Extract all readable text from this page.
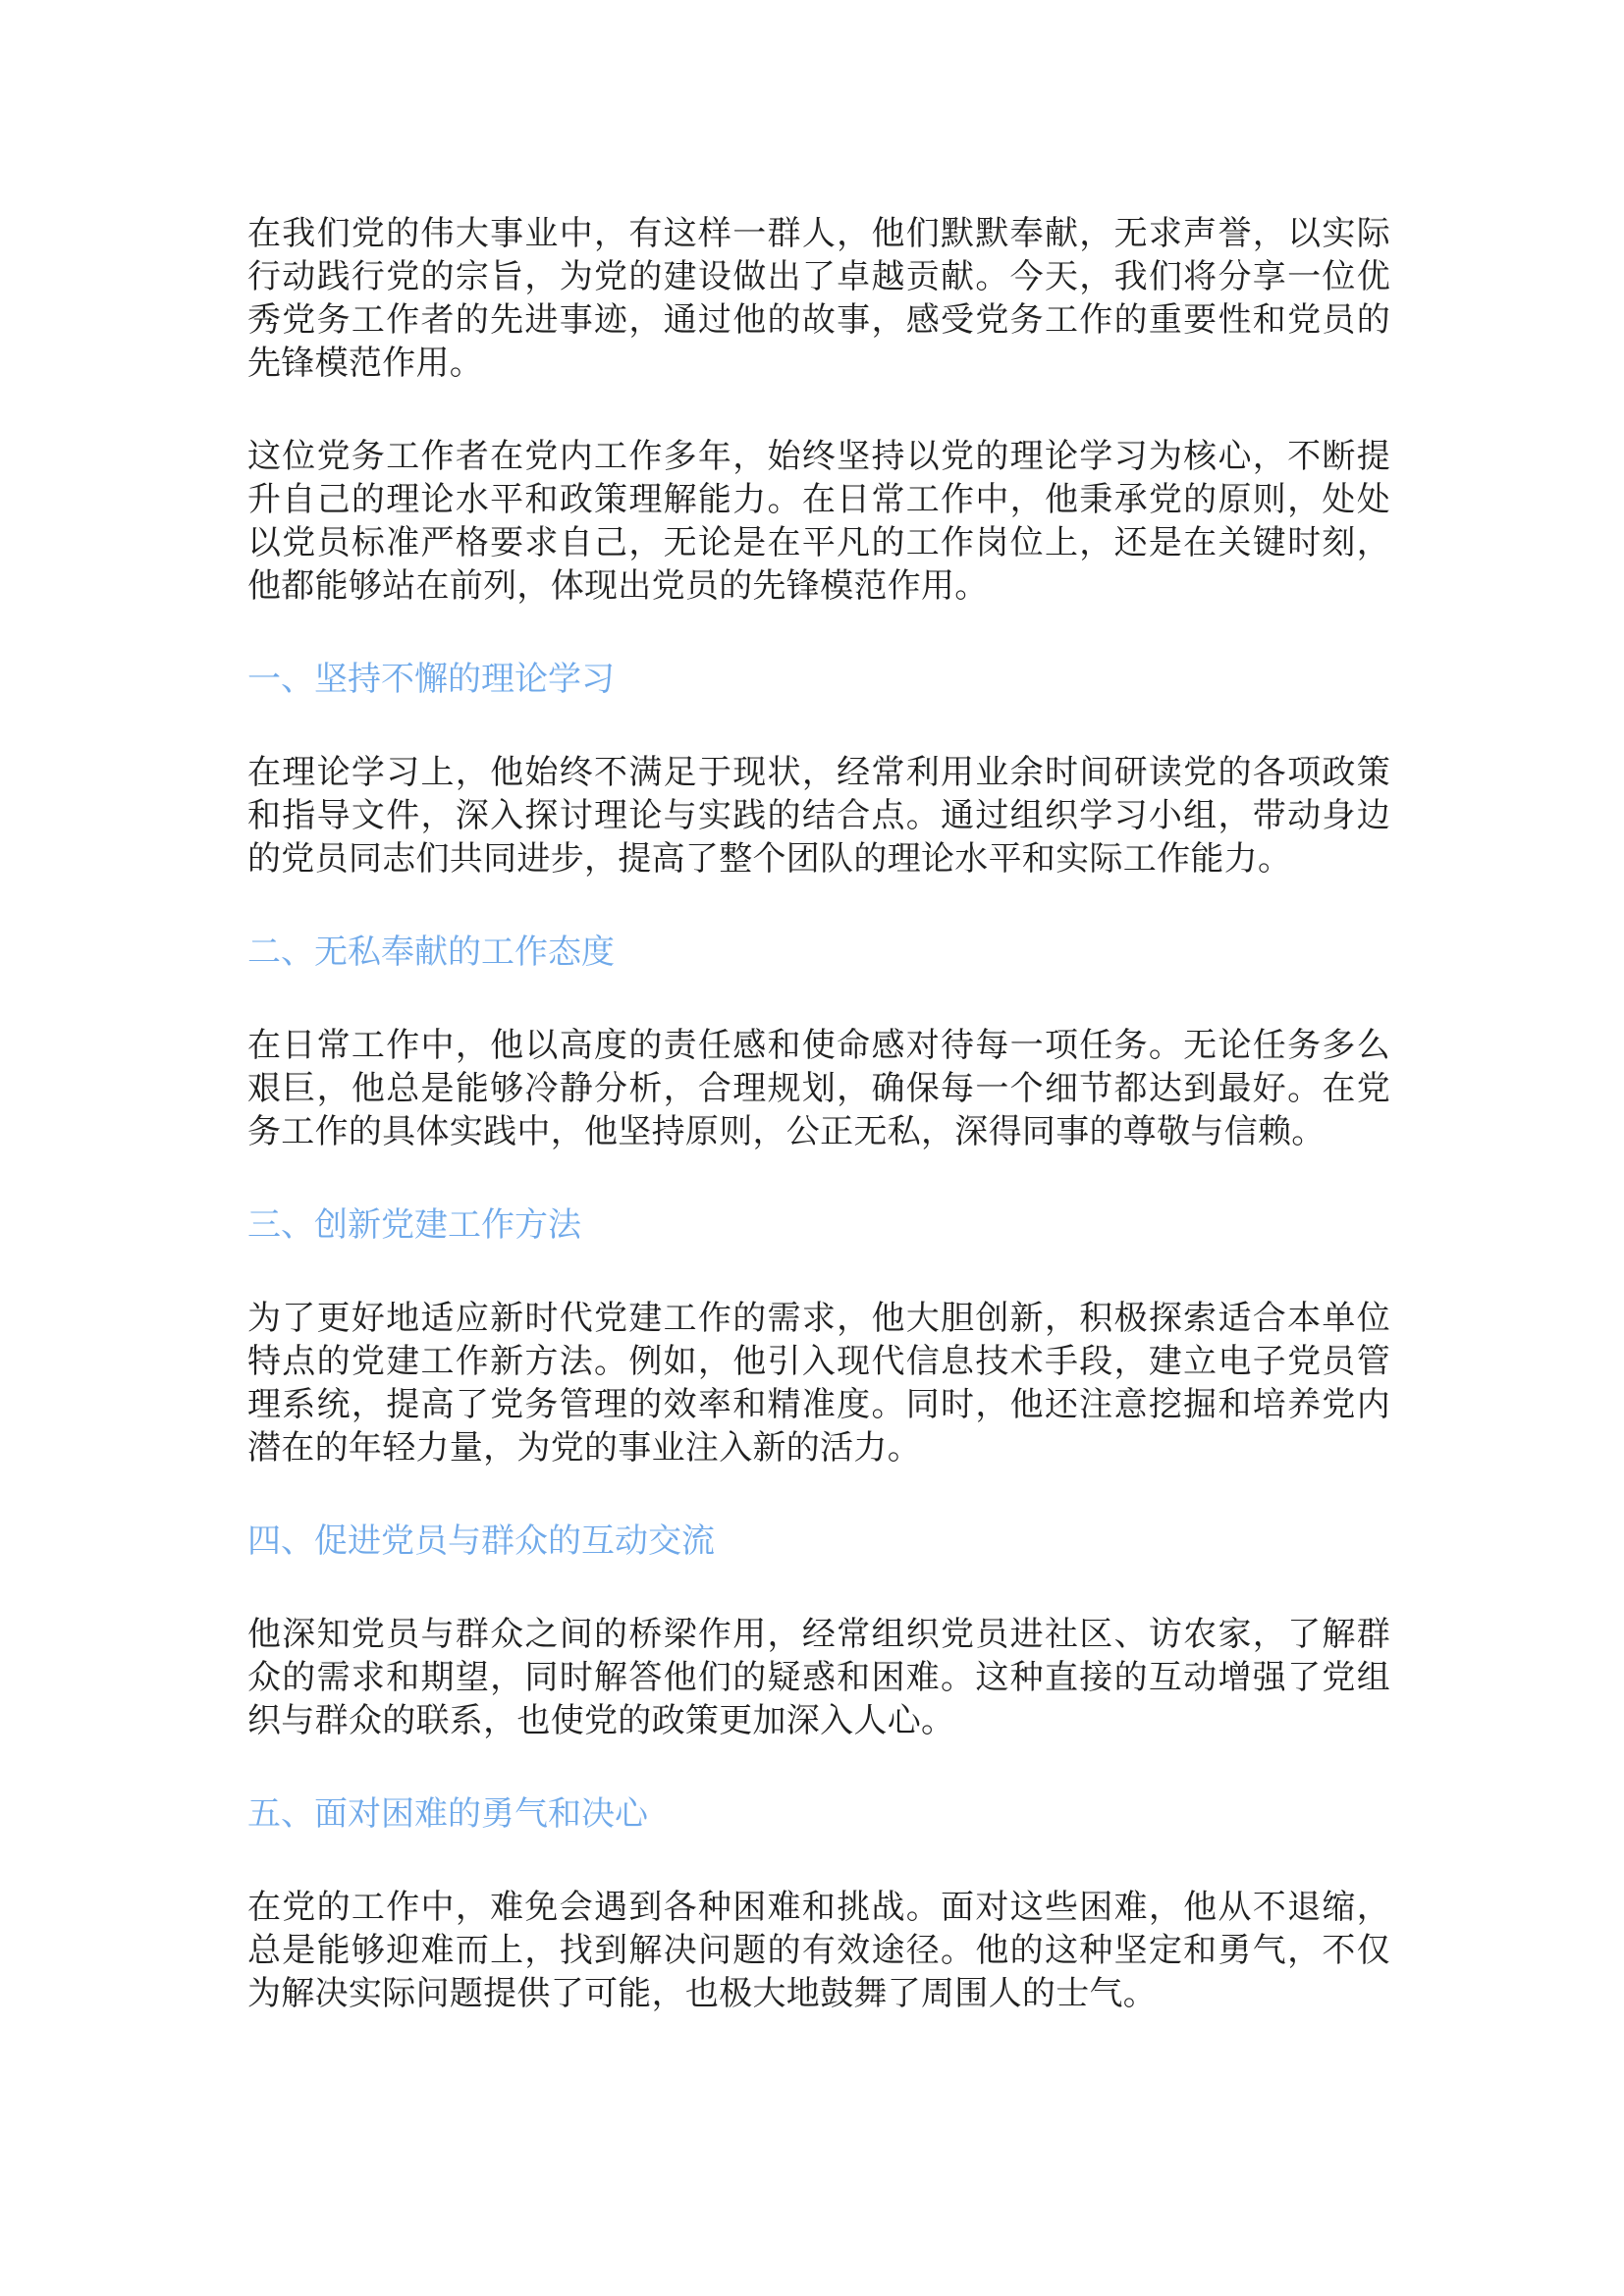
在我们党的伟大事业中，有这样一群人，他们默默奉献，无求声誉，以实际行动践行党的宗旨，为党的建设做出了卓越贡献。今天，我们将分享一位优秀党务工作者的先进事迹，通过他的故事，感受党务工作的重要性和党员的先锋模范作用。

这位党务工作者在党内工作多年，始终坚持以党的理论学习为核心，不断提升自己的理论水平和政策理解能力。在日常工作中，他秉承党的原则，处处以党员标准严格要求自己，无论是在平凡的工作岗位上，还是在关键时刻，他都能够站在前列，体现出党员的先锋模范作用。

一、坚持不懈的理论学习

在理论学习上，他始终不满足于现状，经常利用业余时间研读党的各项政策和指导文件，深入探讨理论与实践的结合点。通过组织学习小组，带动身边的党员同志们共同进步，提高了整个团队的理论水平和实际工作能力。

二、无私奉献的工作态度

在日常工作中，他以高度的责任感和使命感对待每一项任务。无论任务多么艰巨，他总是能够冷静分析，合理规划，确保每一个细节都达到最好。在党务工作的具体实践中，他坚持原则，公正无私，深得同事的尊敬与信赖。

三、创新党建工作方法

为了更好地适应新时代党建工作的需求，他大胆创新，积极探索适合本单位特点的党建工作新方法。例如，他引入现代信息技术手段，建立电子党员管理系统，提高了党务管理的效率和精准度。同时，他还注意挖掘和培养党内潜在的年轻力量，为党的事业注入新的活力。

四、促进党员与群众的互动交流

他深知党员与群众之间的桥梁作用，经常组织党员进社区、访农家，了解群众的需求和期望，同时解答他们的疑惑和困难。这种直接的互动增强了党组织与群众的联系，也使党的政策更加深入人心。

五、面对困难的勇气和决心

在党的工作中，难免会遇到各种困难和挑战。面对这些困难，他从不退缩，总是能够迎难而上，找到解决问题的有效途径。他的这种坚定和勇气，不仅为解决实际问题提供了可能，也极大地鼓舞了周围人的士气。
